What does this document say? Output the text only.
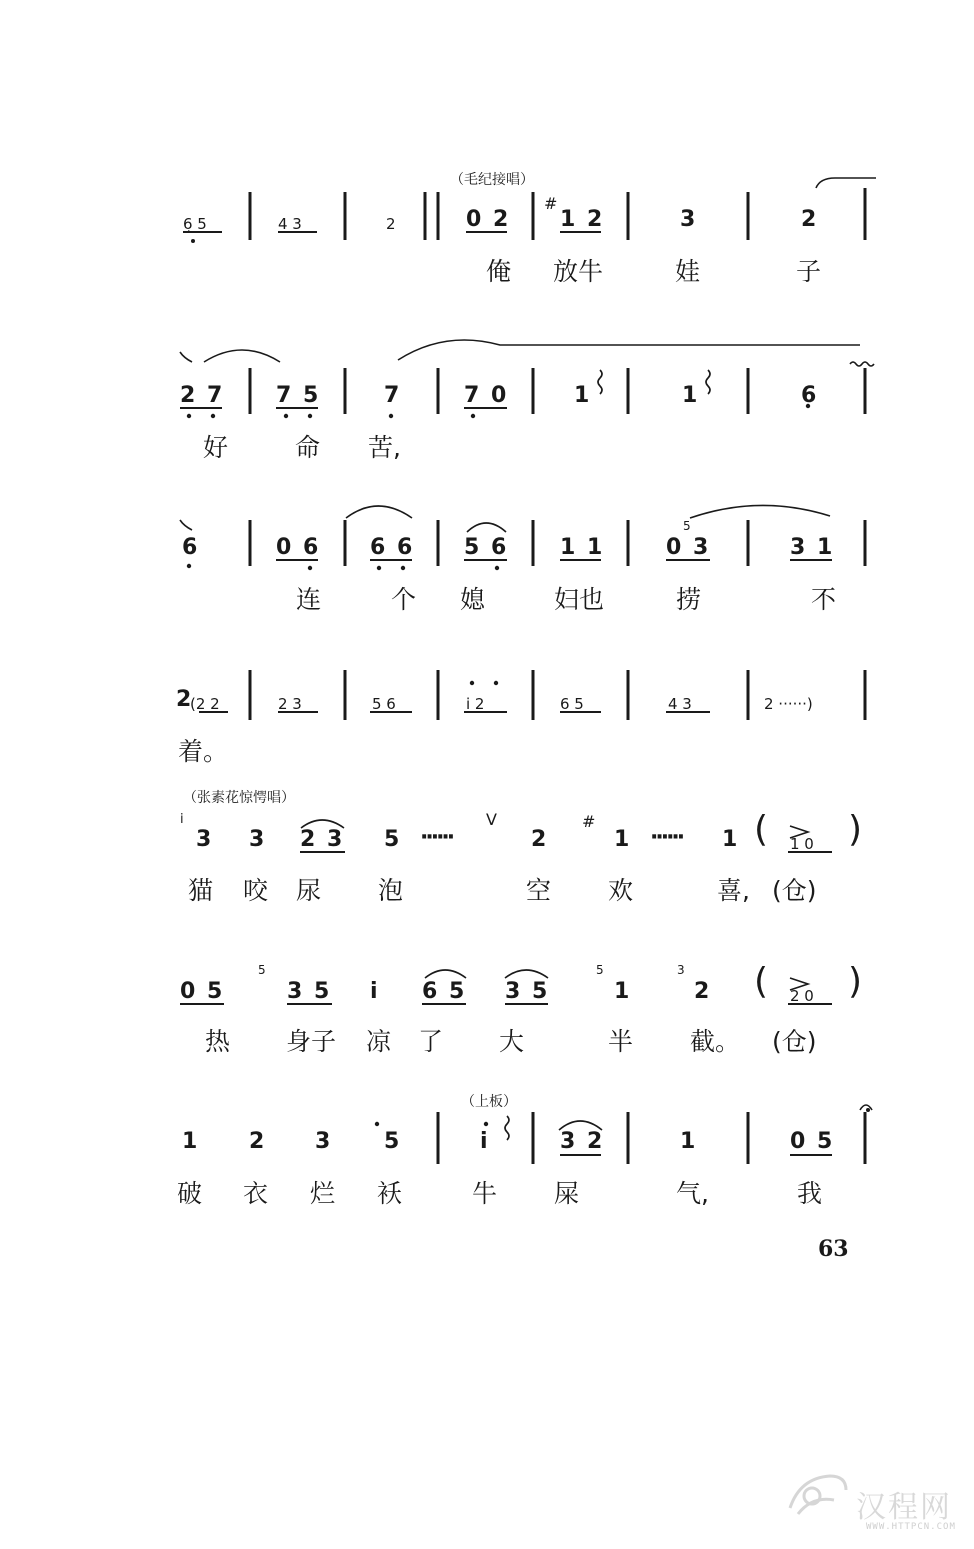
（毛纪接唱）
（张素花惊愕唱）
（上板）
6̣ 5	4 3	2	0 2
#
1 2	3	2
俺 放牛	娃	子
2 7 7 5	7	7 0	1	1	6
好	命 苦,
6	0 6 6 6 5 6 1 1
5
0 3	3 1
连	个 媳	妇也	捞	不
2
(2 2	2 3	5 6	i 2	6 5	4 3	2 ······)
着。
i
3 3 2 3 5 ······
V
2
#
1 ······ 1 ( 1 0 )
猫 咬 尿 泡	空 欢	喜, (仓)
0 5
5
3 5 i 6 5 3 5
5
1
3
2 ( 2 0 )
热 身子 凉 了 大	半 截。 (仓)
1 2 3 5	i	3 2	1	0 5
破 衣 烂 袄	牛 屎	气,	我
63
汉程网
WWW.HTTPCN.COM
